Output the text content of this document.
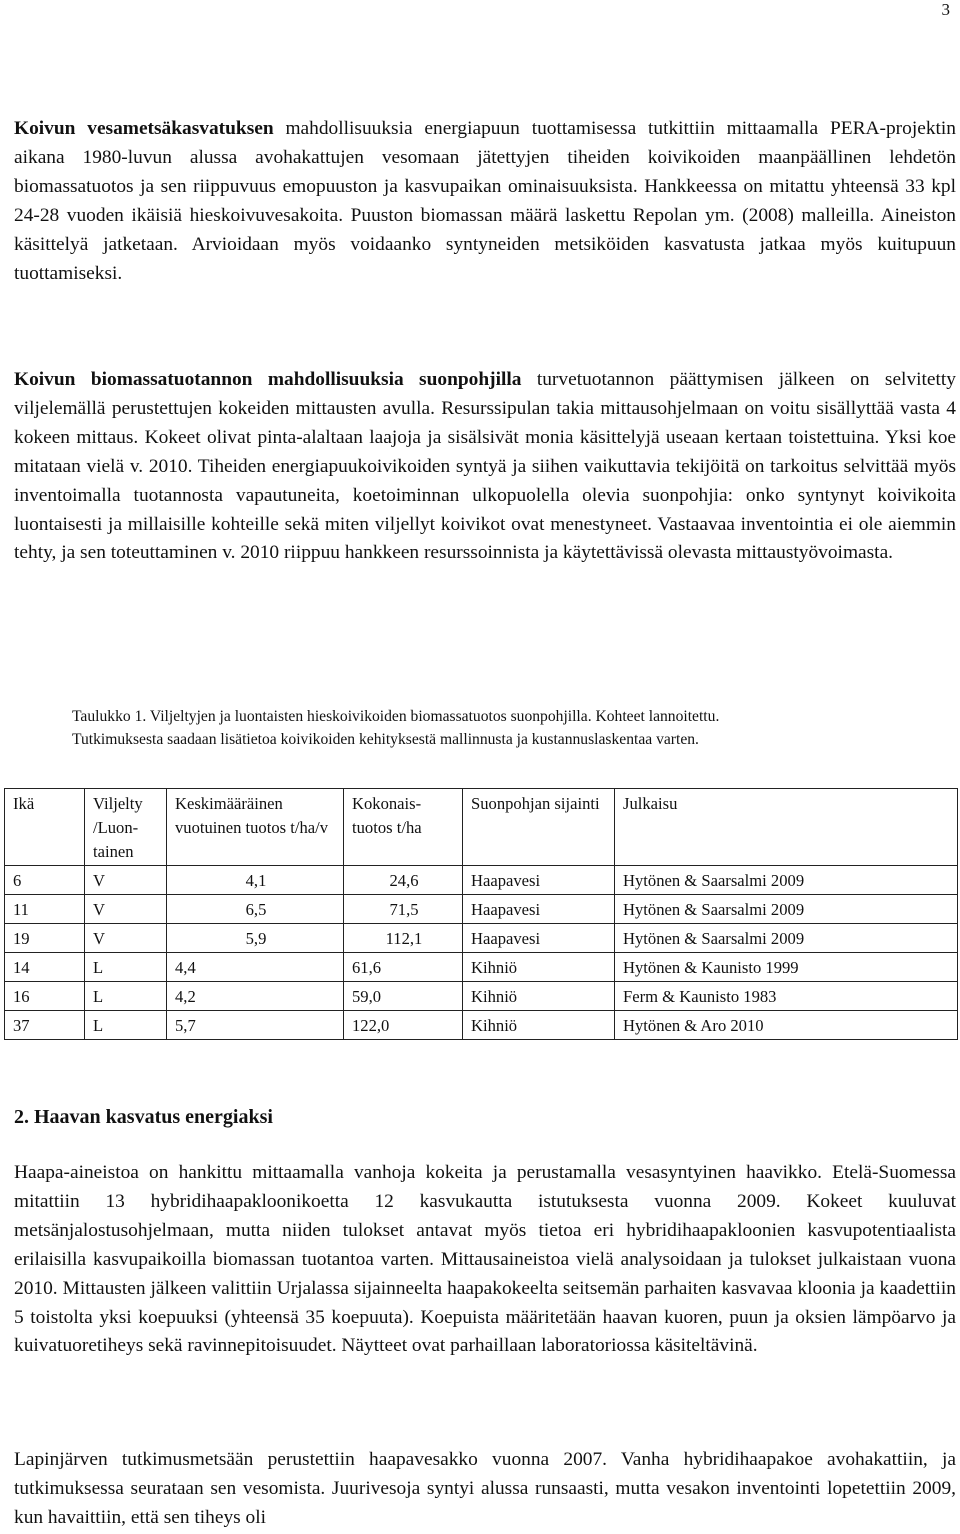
3

Koivun vesametsäkasvatuksen mahdollisuuksia energiapuun tuottamisessa tutkittiin mittaamalla PERA-projektin aikana 1980-luvun alussa avohakattujen vesomaan jätettyjen tiheiden koivikoiden maanpäällinen lehdetön biomassatuotos ja sen riippuvuus emopuuston ja kasvupaikan ominaisuuksista. Hankkeessa on mitattu yhteensä 33 kpl 24-28 vuoden ikäisiä hieskoivuvesakoita. Puuston biomassan määrä laskettu Repolan ym. (2008) malleilla. Aineiston käsittelyä jatketaan. Arvioidaan myös voidaanko syntyneiden metsiköiden kasvatusta jatkaa myös kuitupuun tuottamiseksi.

Koivun biomassatuotannon mahdollisuuksia suonpohjilla turvetuotannon päättymisen jälkeen on selvitetty viljelemällä perustettujen kokeiden mittausten avulla. Resurssipulan takia mittausohjelmaan on voitu sisällyttää vasta 4 kokeen mittaus. Kokeet olivat pinta-alaltaan laajoja ja sisälsivät monia käsittelyjä useaan kertaan toistettuina. Yksi koe mitataan vielä v. 2010. Tiheiden energiapuukoivikoiden syntyä ja siihen vaikuttavia tekijöitä on tarkoitus selvittää myös inventoimalla tuotannosta vapautuneita, koetoiminnan ulkopuolella olevia suonpohjia: onko syntynyt koivikoita luontaisesti ja millaisille kohteille sekä miten viljellyt koivikot ovat menestyneet. Vastaavaa inventointia ei ole aiemmin tehty, ja sen toteuttaminen v. 2010 riippuu hankkeen resurssoinnista ja käytettävissä olevasta mittaustyövoimasta.

Taulukko 1. Viljeltyjen ja luontaisten hieskoivikoiden biomassatuotos suonpohjilla. Kohteet lannoitettu.
Tutkimuksesta saadaan lisätietoa koivikoiden kehityksestä mallinnusta ja kustannuslaskentaa varten.
Ikä	Viljelty /Luon-tainen	Keskimääräinen vuotuinen tuotos t/ha/v	Kokonais-tuotos t/ha	Suonpohjan sijainti	Julkaisu
6	V	4,1	24,6	Haapavesi	Hytönen & Saarsalmi 2009
11	V	6,5	71,5	Haapavesi	Hytönen & Saarsalmi 2009
19	V	5,9	112,1	Haapavesi	Hytönen & Saarsalmi 2009
14	L	4,4	61,6	Kihniö	Hytönen & Kaunisto 1999
16	L	4,2	59,0	Kihniö	Ferm & Kaunisto 1983
37	L	5,7	122,0	Kihniö	Hytönen & Aro 2010
2. Haavan kasvatus energiaksi

Haapa-aineistoa on hankittu mittaamalla vanhoja kokeita ja perustamalla vesasyntyinen haavikko. Etelä-Suomessa mitattiin 13 hybridihaapakloonikoetta 12 kasvukautta istutuksesta vuonna 2009. Kokeet kuuluvat metsänjalostusohjelmaan, mutta niiden tulokset antavat myös tietoa eri hybridihaapakloonien kasvupotentiaalista erilaisilla kasvupaikoilla biomassan tuotantoa varten. Mittausaineistoa vielä analysoidaan ja tulokset julkaistaan vuona 2010. Mittausten jälkeen valittiin Urjalassa sijainneelta haapakokeelta seitsemän parhaiten kasvavaa kloonia ja kaadettiin 5 toistolta yksi koepuuksi (yhteensä 35 koepuuta). Koepuista määritetään haavan kuoren, puun ja oksien lämpöarvo ja kuivatuoretiheys sekä ravinnepitoisuudet. Näytteet ovat parhaillaan laboratoriossa käsiteltävinä.

Lapinjärven tutkimusmetsään perustettiin haapavesakko vuonna 2007. Vanha hybridihaapakoe avohakattiin, ja tutkimuksessa seurataan sen vesomista. Juurivesoja syntyi alussa runsaasti, mutta vesakon inventointi lopetettiin 2009, kun havaittiin, että sen tiheys oli
